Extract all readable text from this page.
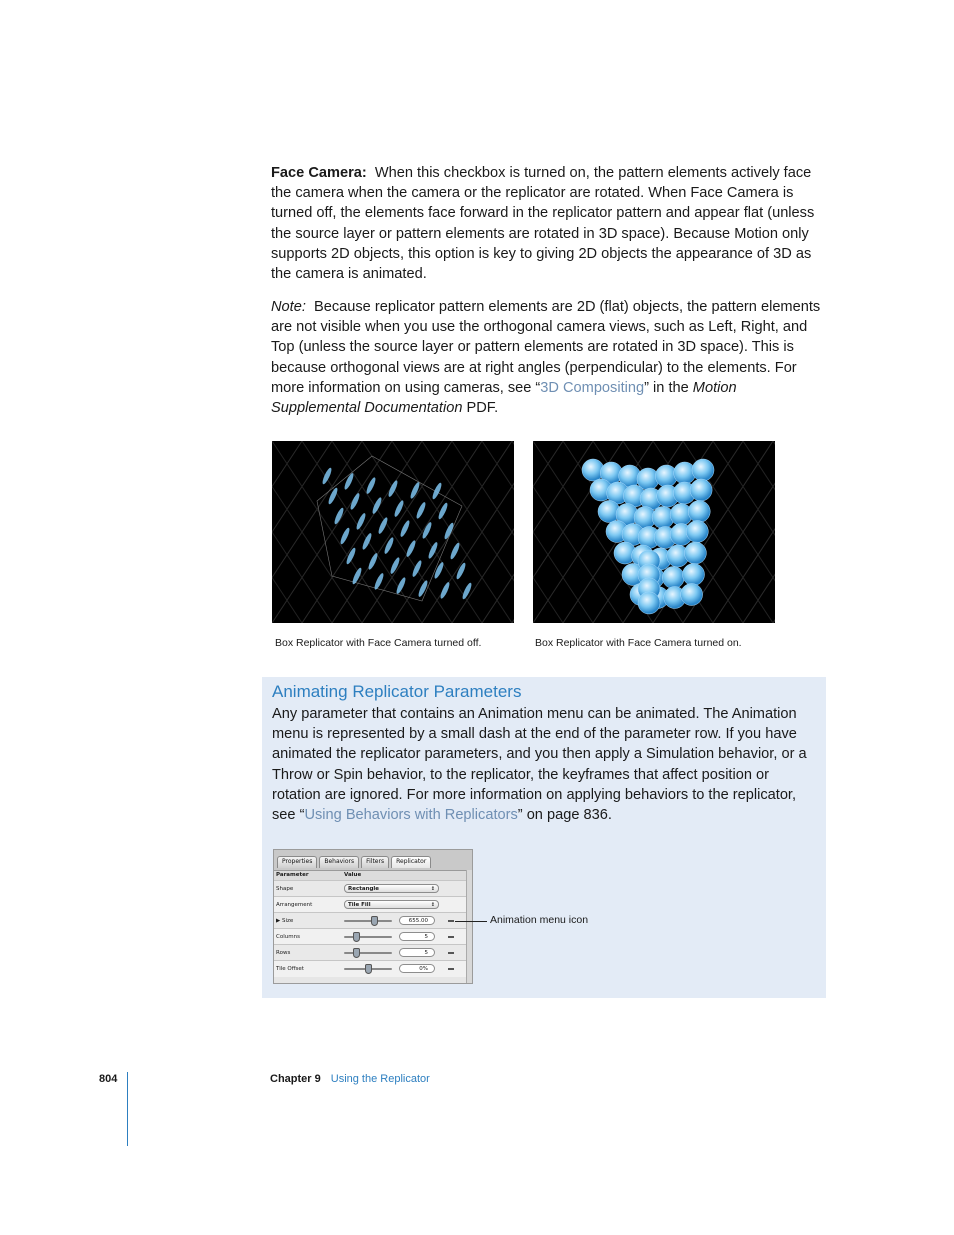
Face Camera: When this checkbox is turned on, the pattern elements actively face the camera when the camera or the replicator are rotated. When Face Camera is turned off, the elements face forward in the replicator pattern and appear flat (unless the source layer or pattern elements are rotated in 3D space). Because Motion only supports 2D objects, this option is key to giving 2D objects the appearance of 3D as the camera is animated.

Note: Because replicator pattern elements are 2D (flat) objects, the pattern elements are not visible when you use the orthogonal camera views, such as Left, Right, and Top (unless the source layer or pattern elements are rotated in 3D space). This is because orthogonal views are at right angles (perpendicular) to the elements. For more information on using cameras, see “3D Compositing” in the Motion Supplemental Documentation PDF.

Box Replicator with Face Camera turned off.	Box Replicator with Face Camera turned on.
Animating Replicator Parameters

Any parameter that contains an Animation menu can be animated. The Animation menu is represented by a small dash at the end of the parameter row. If you have animated the replicator parameters, and you then apply a Simulation behavior, or a Throw or Spin behavior, to the replicator, the keyframes that affect position or rotation are ignored. For more information on applying behaviors to the replicator, see “Using Behaviors with Replicators” on page 836.

Properties	Behaviors	Filters	Replicator
Parameter	Value
Shape	Rectangle	↕
Arrangement	Tile Fill	↕
▶ Size	655.00
Columns	5
Rows	5
Tile Offset	0%
Animation menu icon
804	Chapter 9 Using the Replicator
